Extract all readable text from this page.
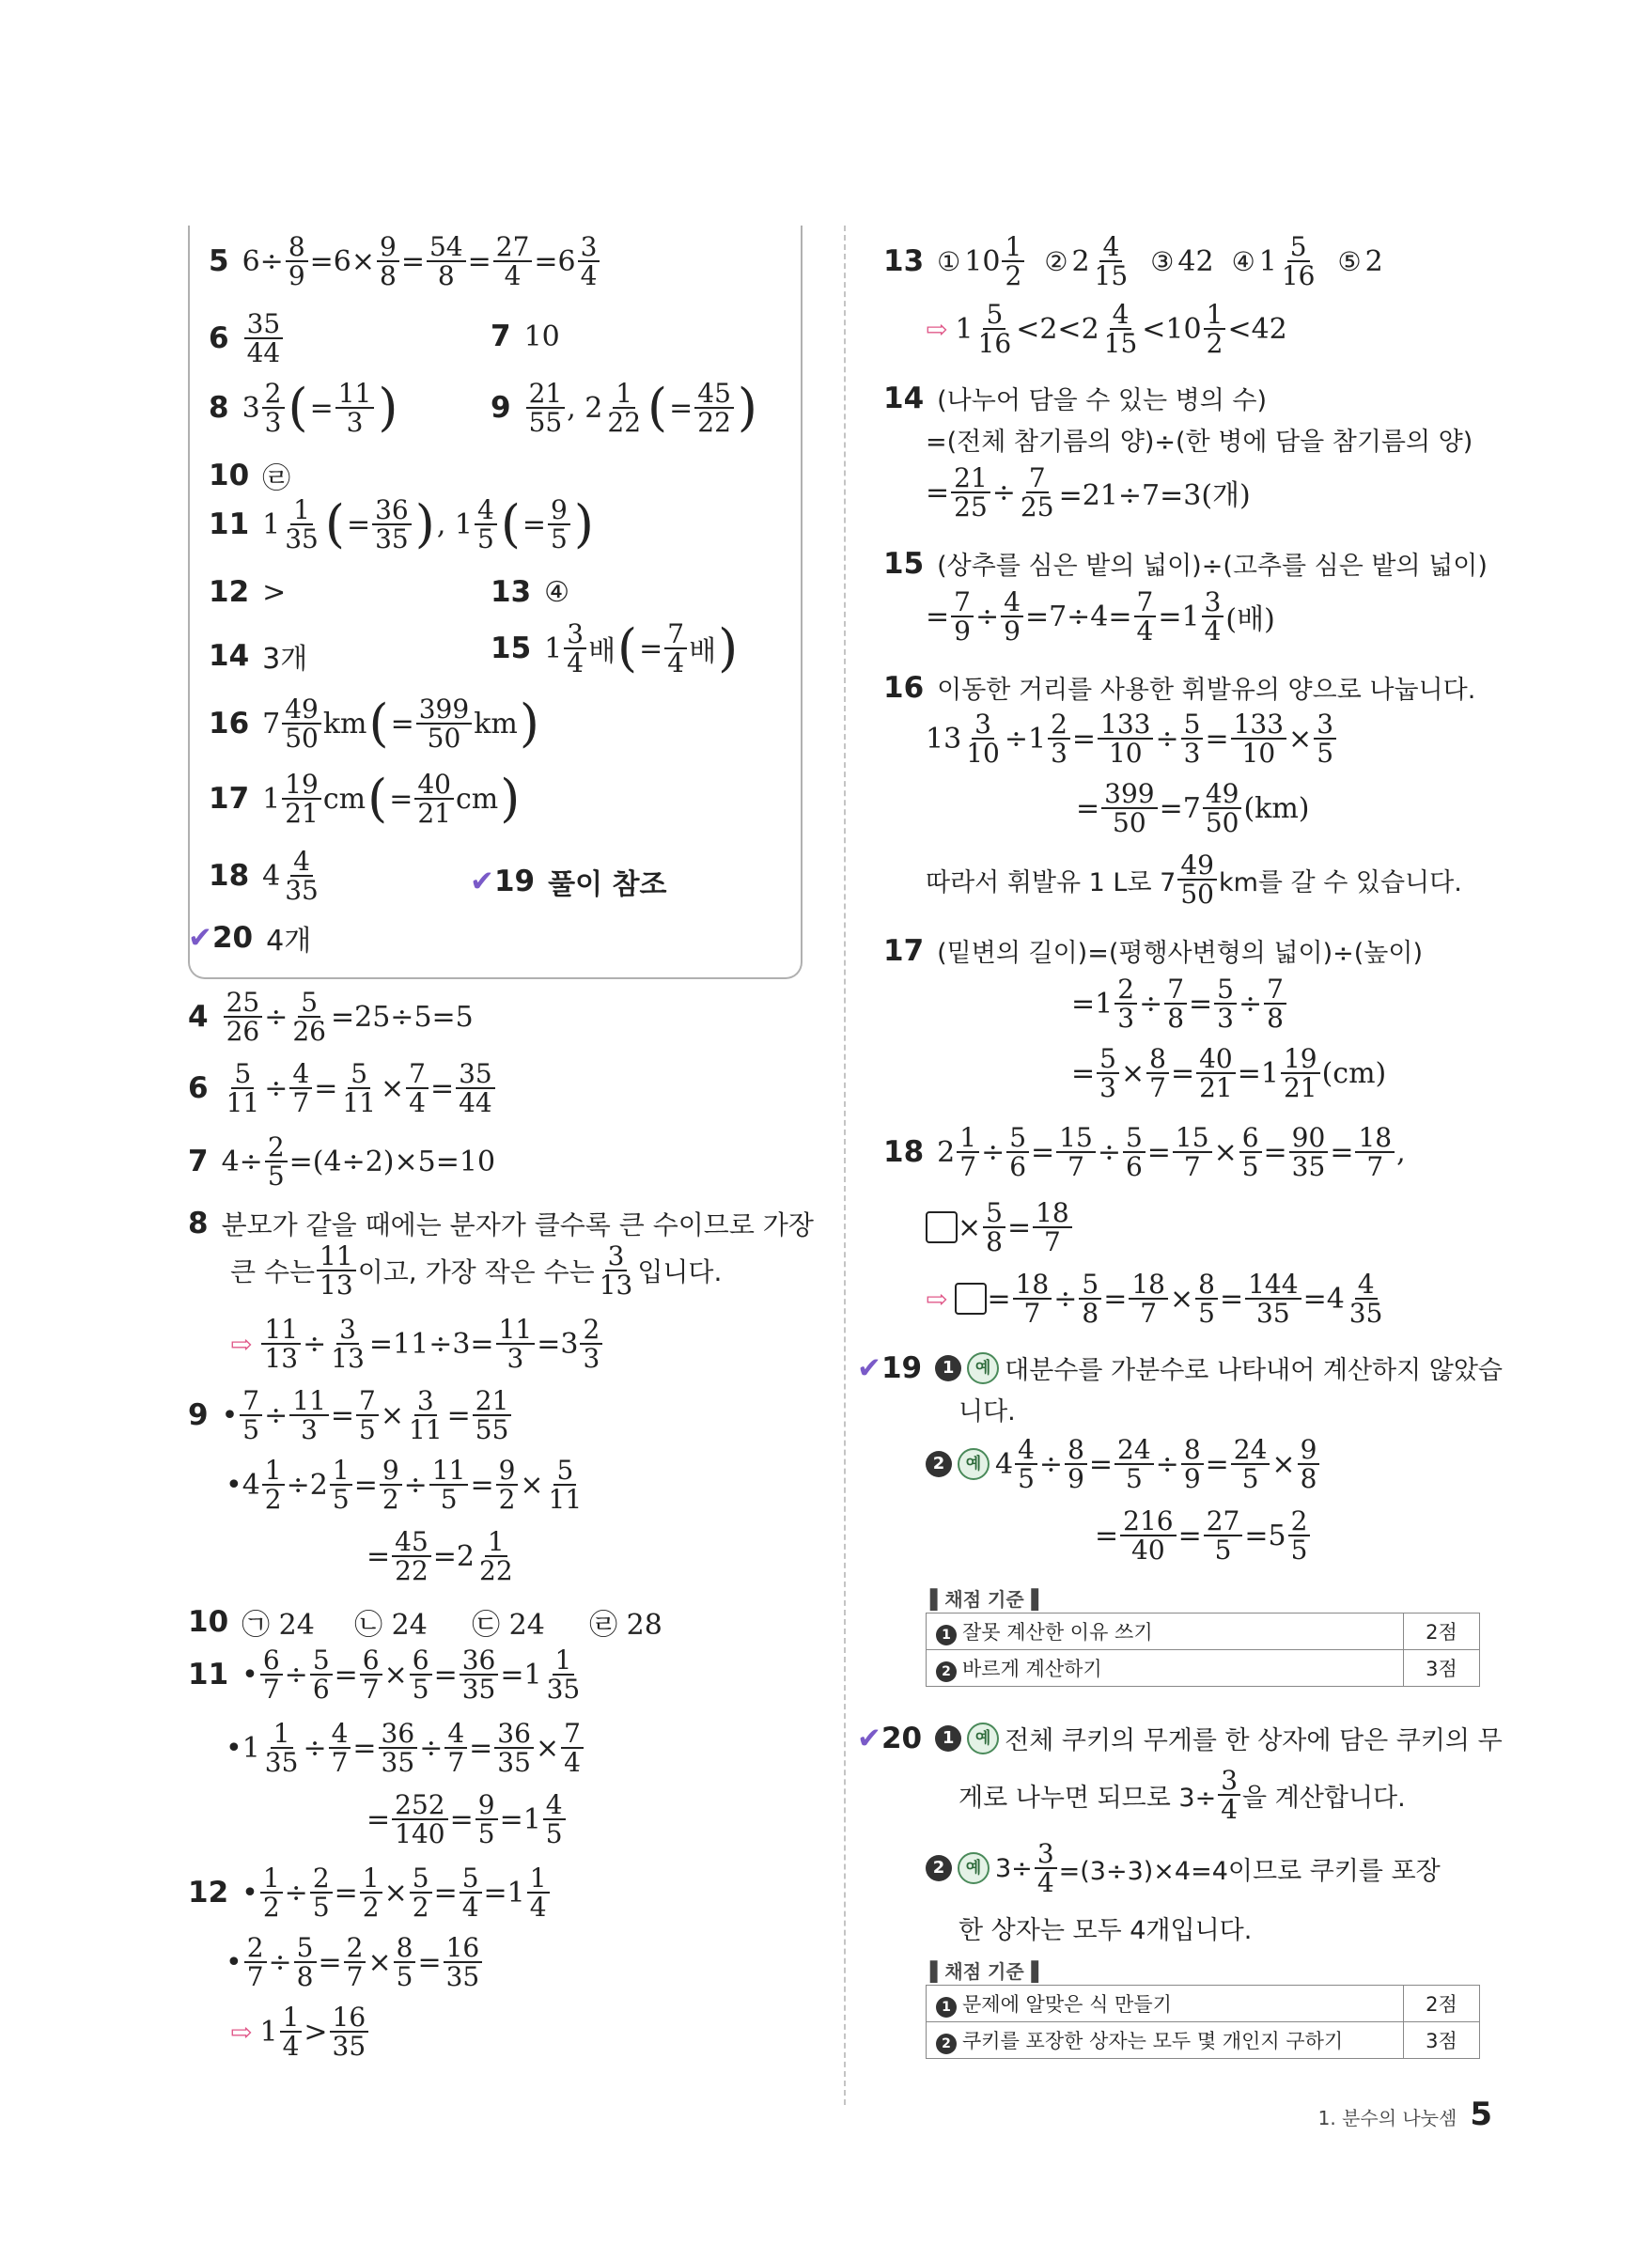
5 $6\div \frac{8}{9} =6\times \frac{9}{8} = \frac{54}{8} = \frac{27}{4} =6 \frac{3}{4}$
$6 \frac{35}{44}$	7 10
8 $3 \frac{2}{3}$ ( = $\frac{11}{3}$ )	$9 \frac{21}{55}$ , $2 \frac{1}{22}$ ( = $\frac{45}{22}$ )
10 ㉣
11 $1 \frac{1}{35}$ ( = $\frac{36}{35}$ ) , $1 \frac{4}{5}$ ( = $\frac{9}{5}$ )
12 >	13 ④
14 3개	15 $1 \frac{3}{4}$ 배 ( = $\frac{7}{4}$ 배 )
16 $7 \frac{49}{50}$ km ( = $\frac{399}{50}$ km )
17 $1 \frac{19}{21}$ cm ( = $\frac{40}{21}$ cm )
18 $4 \frac{4}{35}$	✔19 풀이 참조
✔20 4개
$4 \frac{25}{26} \div \frac{5}{26} =25\div 5=5$
$6 \frac{5}{11} \div \frac{4}{7} = \frac{5}{11} \times \frac{7}{4} = \frac{35}{44}$
7 $4\div \frac{2}{5} =(4\div 2)\times 5=10$
8 분모가 같을 때에는 분자가 클수록 큰 수이므로 가장
큰 수는 $\frac{11}{13}$ 이고, 가장 작은 수는 $\frac{3}{13}$ 입니다.
⇨ $\frac{11}{13} \div \frac{3}{13} =11\div 3= \frac{11}{3} =3 \frac{2}{3}$
9 • $\frac{7}{5} \div \frac{11}{3} = \frac{7}{5} \times \frac{3}{11} = \frac{21}{55}$
•4 $\frac{1}{2} \div 2 \frac{1}{5} = \frac{9}{2} \div \frac{11}{5} = \frac{9}{2} \times \frac{5}{11}$
= $\frac{45}{22} =2 \frac{1}{22}$
10 ㉠ 24	㉡ 24	㉢ 24	㉣ 28
11 • $\frac{6}{7} \div \frac{5}{6} = \frac{6}{7} \times \frac{6}{5} = \frac{36}{35} =1 \frac{1}{35}$
•1 $\frac{1}{35} \div \frac{4}{7} = \frac{36}{35} \div \frac{4}{7} = \frac{36}{35} \times \frac{7}{4}$
= $\frac{252}{140} = \frac{9}{5} =1 \frac{4}{5}$
12 • $\frac{1}{2} \div \frac{2}{5} = \frac{1}{2} \times \frac{5}{2} = \frac{5}{4} =1 \frac{1}{4}$
• $\frac{2}{7} \div \frac{5}{8} = \frac{2}{7} \times \frac{8}{5} = \frac{16}{35}$
⇨ $1 \frac{1}{4} > \frac{16}{35}$
13 ① $10 \frac{1}{2}$
② $2 \frac{4}{15}$
③ 42 ④ $1 \frac{5}{16}$
⑤ 2
⇨ $1 \frac{5}{16} <2<2 \frac{4}{15} <10 \frac{1}{2} <42$
14 (나누어 담을 수 있는 병의 수)
=(전체 참기름의 양)÷(한 병에 담을 참기름의 양)
= $\frac{21}{25} \div \frac{7}{25} =21\div 7=3$(개)
15 (상추를 심은 밭의 넓이)÷(고추를 심은 밭의 넓이)
= $\frac{7}{9} \div \frac{4}{9} =7\div 4= \frac{7}{4} =1 \frac{3}{4}$ (배)
16 이동한 거리를 사용한 휘발유의 양으로 나눕니다.
$13 \frac{3}{10} \div 1 \frac{2}{3} = \frac{133}{10} \div \frac{5}{3} = \frac{133}{10} \times \frac{3}{5}$
= $\frac{399}{50} =7 \frac{49}{50} (km)$
따라서 휘발유 1 L로 $7 \frac{49}{50}$ km를 갈 수 있습니다.
17 (밑변의 길이)=(평행사변형의 넓이)÷(높이)
$=1 \frac{2}{3} \div \frac{7}{8} = \frac{5}{3} \div \frac{7}{8}$
= $\frac{5}{3} \times \frac{8}{7} = \frac{40}{21} =1 \frac{19}{21} (cm)$
18 $2 \frac{1}{7} \div \frac{5}{6} = \frac{15}{7} \div \frac{5}{6} = \frac{15}{7} \times \frac{6}{5} = \frac{90}{35} = \frac{18}{7}$ ,
× $\frac{5}{8} = \frac{18}{7}$
⇨ = $\frac{18}{7} \div \frac{5}{8} = \frac{18}{7} \times \frac{8}{5} = \frac{144}{35} =4 \frac{4}{35}$
✔19	1	예 대분수를 가분수로 나타내어 계산하지 않았습
니다.
2	예 $4 \frac{4}{5} \div \frac{8}{9} = \frac{24}{5} \div \frac{8}{9} = \frac{24}{5} \times \frac{9}{8}$
= $\frac{216}{40} = \frac{27}{5} =5 \frac{2}{5}$
▌채점 기준▐
1 잘못 계산한 이유 쓰기	2점
2 바르게 계산하기	3점
✔20	1	예 전체 쿠키의 무게를 한 상자에 담은 쿠키의 무
게로 나누면 되므로 $3\div \frac{3}{4}$ 을 계산합니다.
2	예 $3\div \frac{3}{4} =(3\div 3)\times 4=4$이므로 쿠키를 포장
한 상자는 모두 4개입니다.
▌채점 기준▐
1 문제에 알맞은 식 만들기	2점
2 쿠키를 포장한 상자는 모두 몇 개인지 구하기	3점
1. 분수의 나눗셈 5
